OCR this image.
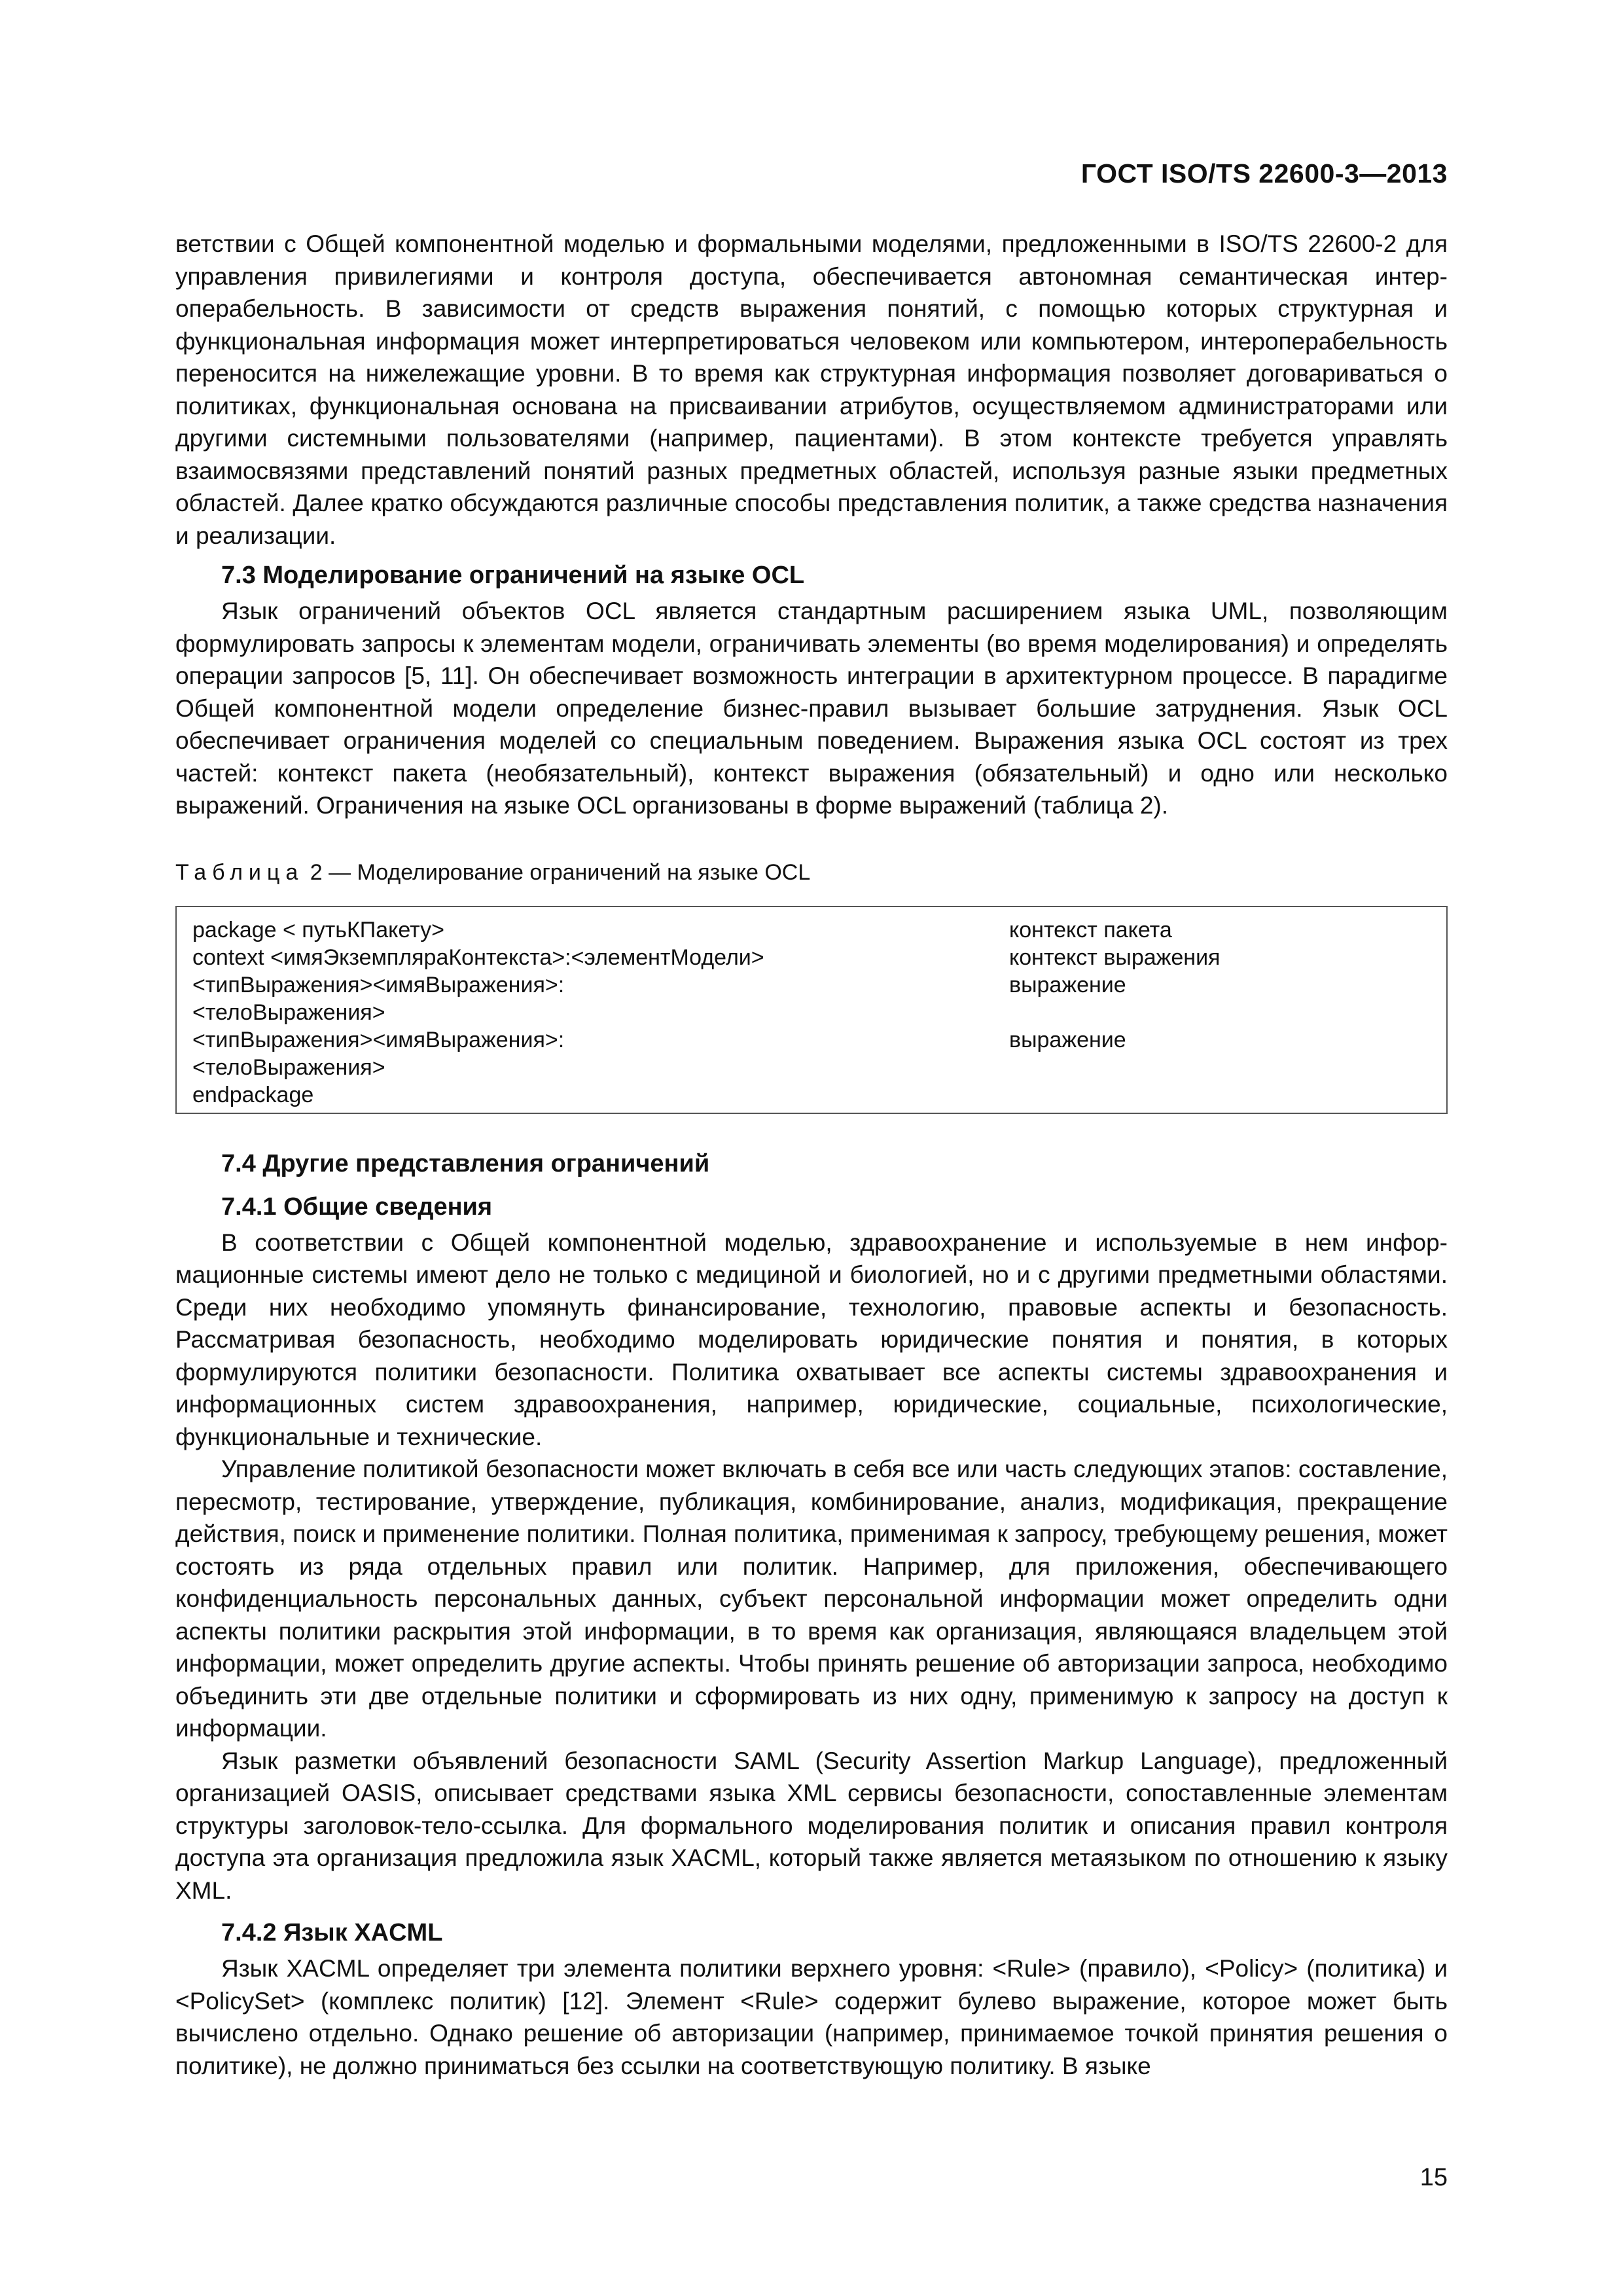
ГОСТ ISO/TS 22600-3—2013

ветствии с Общей компонентной моделью и формальными моделями, предложенными в ISO/TS 22600-2 для управления привилегиями и контроля доступа, обеспечивается автономная семантическая интероперабельность. В зависимости от средств выражения понятий, с помощью которых структурная и функциональная информация может интерпретироваться человеком или компьютером, интероперабельность переносится на нижележащие уровни. В то время как структурная информация позволяет договариваться о политиках, функциональная основана на присваивании атрибутов, осуществляемом администраторами или другими системными пользователями (например, пациентами). В этом контексте требуется управлять взаимосвязями представлений понятий разных предметных областей, используя разные языки предметных областей. Далее кратко обсуждаются различные способы представления политик, а также средства назначения и реализации.

7.3 Моделирование ограничений на языке OCL

Язык ограничений объектов OCL является стандартным расширением языка UML, позволяющим формулировать запросы к элементам модели, ограничивать элементы (во время моделирования) и определять операции запросов [5, 11]. Он обеспечивает возможность интеграции в архитектурном процессе. В парадигме Общей компонентной модели определение бизнес-правил вызывает большие затруднения. Язык OCL обеспечивает ограничения моделей со специальным поведением. Выражения языка OCL состоят из трех частей: контекст пакета (необязательный), контекст выражения (обязательный) и одно или несколько выражений. Ограничения на языке OCL организованы в форме выражений (таблица 2).

Таблица 2 — Моделирование ограничений на языке OCL
package < путьКПакету>	контекст пакета
context <имяЭкземпляраКонтекста>:<элементМодели>	контекст выражения
<типВыражения><имяВыражения>:	выражение
<телоВыражения>
<типВыражения><имяВыражения>:	выражение
<телоВыражения>
endpackage
7.4 Другие представления ограничений
7.4.1 Общие сведения

В соответствии с Общей компонентной моделью, здравоохранение и используемые в нем информационные системы имеют дело не только с медициной и биологией, но и с другими предметными областями. Среди них необходимо упомянуть финансирование, технологию, правовые аспекты и безопасность. Рассматривая безопасность, необходимо моделировать юридические понятия и понятия, в которых формулируются политики безопасности. Политика охватывает все аспекты системы здравоохранения и информационных систем здравоохранения, например, юридические, социальные, психологические, функциональные и технические.

Управление политикой безопасности может включать в себя все или часть следующих этапов: составление, пересмотр, тестирование, утверждение, публикация, комбинирование, анализ, модификация, прекращение действия, поиск и применение политики. Полная политика, применимая к запросу, требующему решения, может состоять из ряда отдельных правил или политик. Например, для приложения, обеспечивающего конфиденциальность персональных данных, субъект персональной информации может определить одни аспекты политики раскрытия этой информации, в то время как организация, являющаяся владельцем этой информации, может определить другие аспекты. Чтобы принять решение об авторизации запроса, необходимо объединить эти две отдельные политики и сформировать из них одну, применимую к запросу на доступ к информации.

Язык разметки объявлений безопасности SAML (Security Assertion Markup Language), предложенный организацией OASIS, описывает средствами языка XML сервисы безопасности, сопоставленные элементам структуры заголовок-тело-ссылка. Для формального моделирования политик и описания правил контроля доступа эта организация предложила язык XACML, который также является метаязыком по отношению к языку XML.

7.4.2 Язык XACML

Язык XACML определяет три элемента политики верхнего уровня: <Rule> (правило), <Policy> (политика) и <PolicySet> (комплекс политик) [12]. Элемент <Rule> содержит булево выражение, которое может быть вычислено отдельно. Однако решение об авторизации (например, принимаемое точкой принятия решения о политике), не должно приниматься без ссылки на соответствующую политику. В языке

15
